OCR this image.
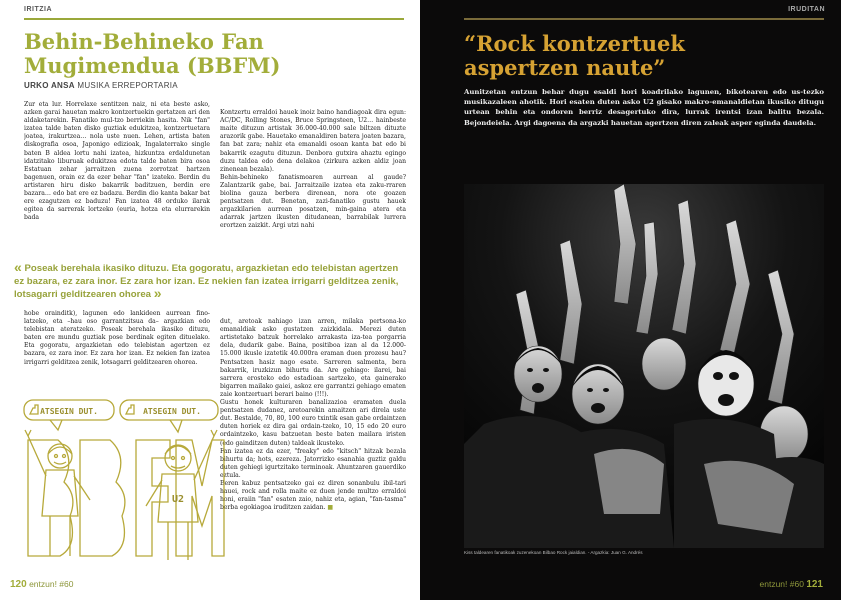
IRITZIA
Behin-Behineko Fan Mugimendua (BBFM)
URKO ANSA MUSIKA ERREPORTARIA

Zur eta lur. Horrelaxe sentitzen naiz, ni eta beste asko, azken garai hauetan makro kontzertuekin gertatzen ari den aldaketarekin. Fanatiko mul-tzo berriekin hasita. Nik "fan" izatea talde baten disko guztiak edukitzea, kontzertuetara joatea, irakurtzea… nola uste nuen. Lehen, artista baten diskografia osoa, Japonigo edizioak, Ingalaterrako single baten B aldea lortu nahi izatea, hizkuntza erdaldunetan idatzitako liburuak edukitzea edota talde baten bira osoa Estatuan zehar jarraitzen zuena zorrotzat hartzen bagenuen, orain ez da ezer behar "fan" izateko. Berdin du artistaren hiru disko bakarrik baditzuen, berdin ere bazara… edo bat ere ez badazu. Berdin dio kanta bakar bat ere ezagutzen ez baduzu! Fan izatea 48 orduko ilarak egitea da sarrerak lortzeko (euria, hotza eta elurrarekin bada

Kontzertu erraldoi hauek inoiz baino handiagoak dira egun: AC/DC, Rolling Stones, Bruce Springsteen, U2… hainbeste maite dituzun artistak 36.000-40.000 sale biltzen dituzte arazorik gabe. Hauetako emanaldiren batera joaten bazara, fan bat zara; nahiz eta emanaldi osoan kanta bat edo bi bakarrik ezagutu dituzun. Denbora gutxira ahaztu egingo duzu taldea edo dena delakoa (zirkura azken aldiz joan zinenean bezala).
Behin-behineko fanatismoaren aurrean al gaude? Zalantzarik gabe, bai. Jarraitzaile izatea eta zaku-rraren biolina gauza berbera direnean, nora ote goazen pentsatzen dut. Benetan, zazi-fanatiko gustu hauek argazkilarien aurrean posatzen, min-gaina atera eta adarrak jartzen ikusten ditudanean, barrabilak lurrera erortzen zaizkit. Argi utzi nahi

« Poseak berehala ikasiko dituzu. Eta gogoratu, argazkietan edo telebistan agertzen ez bazara, ez zara inor. Ez zara hor izan. Ez nekien fan izatea irrigarri gelditzea zenik, lotsagarri gelditzearen ohorea »

hobe orainditk), lagunen edo lankideen aurrean fino-latzeko, eta –hau oso garrantzitsua da– argazkian edo telebistan ateratzeko. Poseak berehala ikasiko dituzu, baten ere mundu guztiak pose berdinak egiten dituelako. Eta gogoratu, argazkietan edo telebistan agertzen ez bazara, ez zara inor. Ez zara hor izan. Ez nekien fan izatea irrigarri gelditzea zenik, lotsagarri gelditzearen ohorea.

dut, aretoak nahiago izan arren, milaka pertsona-ko emanaldiak asko gustatzen zaizkidala. Merezi duten artistetako batzuk horrelako arrakasta iza-tea porgarria dela, dudarik gabe. Baina, positiboa izan al da 12.000-15.000 ikusle izatetik 40.000ra eraman duen prozesu hau? Pentsatzen hasiz nago esate. Sarreren salmenta, bera bakarrik, iruzkizun bihurtu da. Are gehiago: ilarei, bai sarrera erosteko edo estadioan sartzeko, eta gainerako bigarren mailako gaiei, askoz ere garrantzi gehiago ematen zaie kontzertuari berari baino (!!!).
Gustu honek kulturaren banalizazioa eramaten duela pentsatzen dudanez, aretoarekin amaitzen ari direla uste dut. Bestalde, 70, 80, 100 euro txintik esan gabe ordaintzen duten horiek ez dira gai ordain-tzeko, 10, 15 edo 20 euro ordaintzeko, kasu batzuetan beste baten mailara iristen (edo gainditzen duten) taldeak ikusteko.
Fan izatea ez da ezer, "freaky" edo "kitsch" hitzak bezala bihurtu da; hots, ezereza. Jatorrizko esanahia guztiz galdu duten gehiegi igurtzitako terminoak. Ahuntzaren gauerdiko eztula.
Beren kabuz pentsatzeko gai ez diren sonanbulu ibil-tari hauei, rock and rolla maite ez duen jende multzo erraldoi honi, eraiin "fan" esaten zaio, nahiz eta, agian, "fan-tasma" berba egokiagoa iruditzen zaidan. ■

ATSEGIN DUT.	ATSEGIN DUT.
U2
120 entzun! #60
IRUDITAN
“Rock kontzertuek aspertzen naute”

Aunitzetan entzun behar dugu esaldi hori koadrilako lagunen, bikotearen edo us-tezko musikazaleen ahotik. Hori esaten duten asko U2 gisako makro-emanaldietan ikusiko ditugu urtean behin eta ondoren berriz desagertuko dira, lurrak irentsi izan balitu bezala. Bejondeiela. Argi dagoena da argazki hauetan agertzen diren zaleak asper eginda daudela.

Kiss taldearen fanatikoak zuzenekoan Bilbao Rock jaialdian. - Argazkia: Juan G. Andrés
entzun! #60 121
